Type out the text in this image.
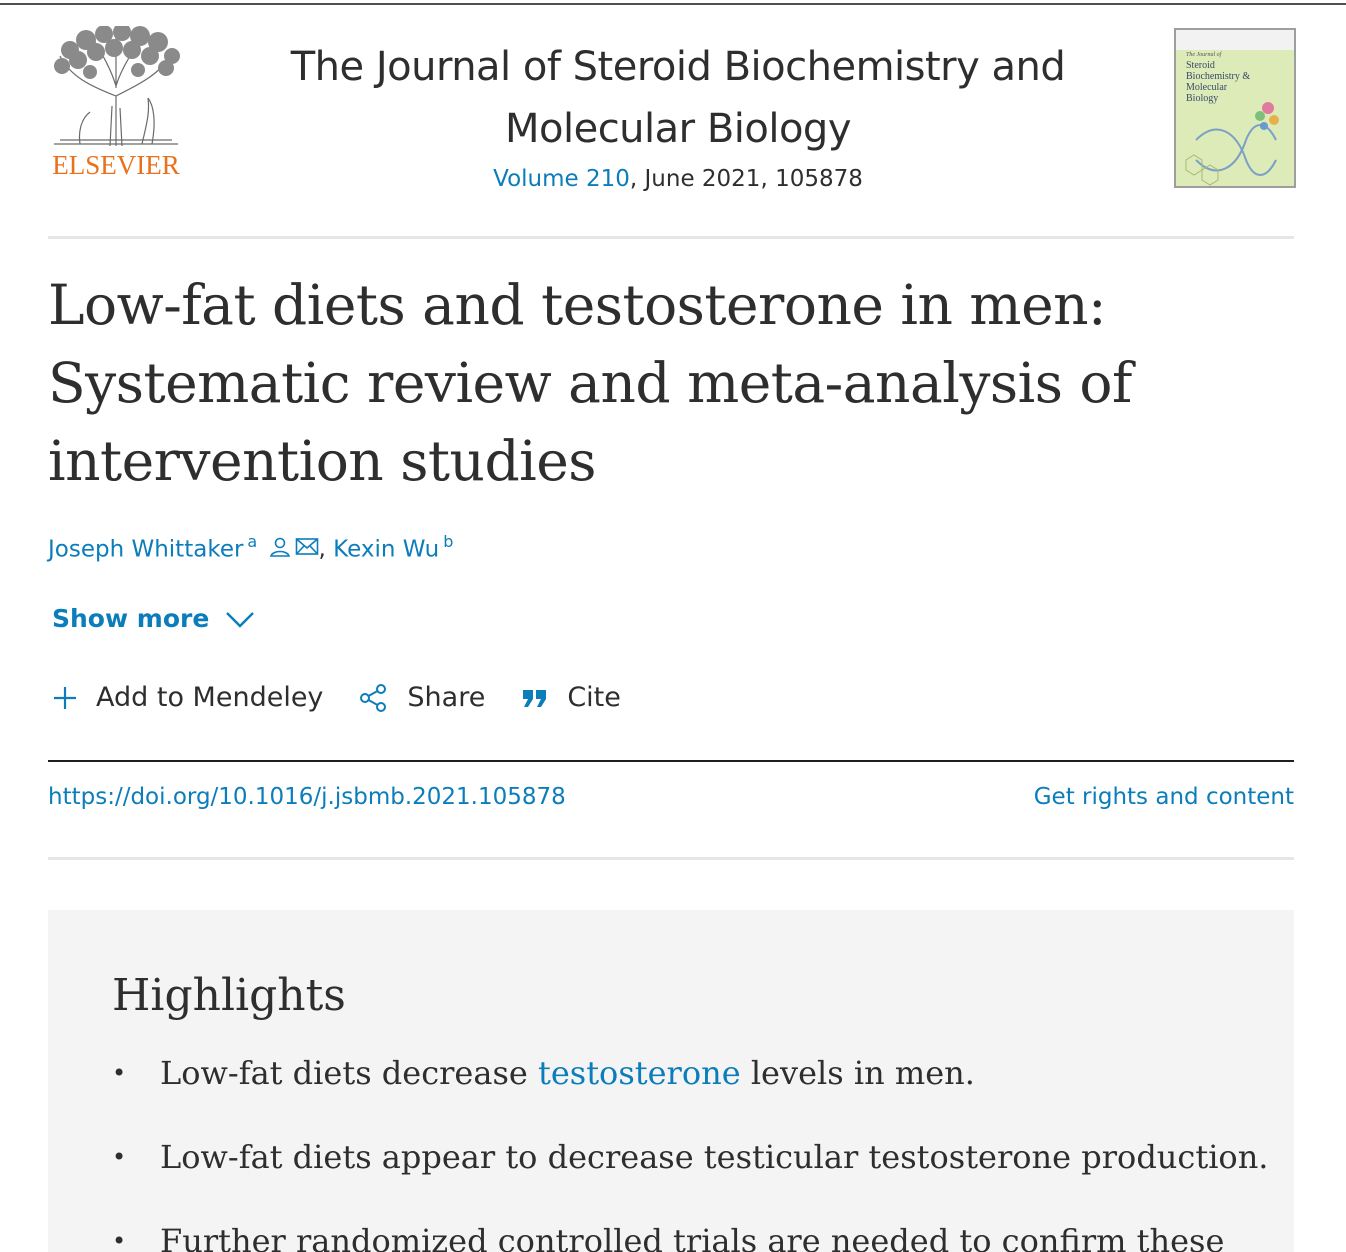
ELSEVIER
The Journal of Steroid Biochemistry and
Molecular Biology
Volume 210, June 2021, 105878
The Journal of
Steroid
Biochemistry &
Molecular
Biology
Low-fat diets and testosterone in men:
Systematic review and meta-analysis of
intervention studies
Joseph Whittaker $^a$	, Kexin Wu $^b$
Show more
Add to Mendeley	Share	Cite
https://doi.org/10.1016/j.jsbmb.2021.105878	Get rights and content
Highlights
• Low-fat diets decrease testosterone levels in men.
• Low-fat diets appear to decrease testicular testosterone production.
• Further randomized controlled trials are needed to confirm these
